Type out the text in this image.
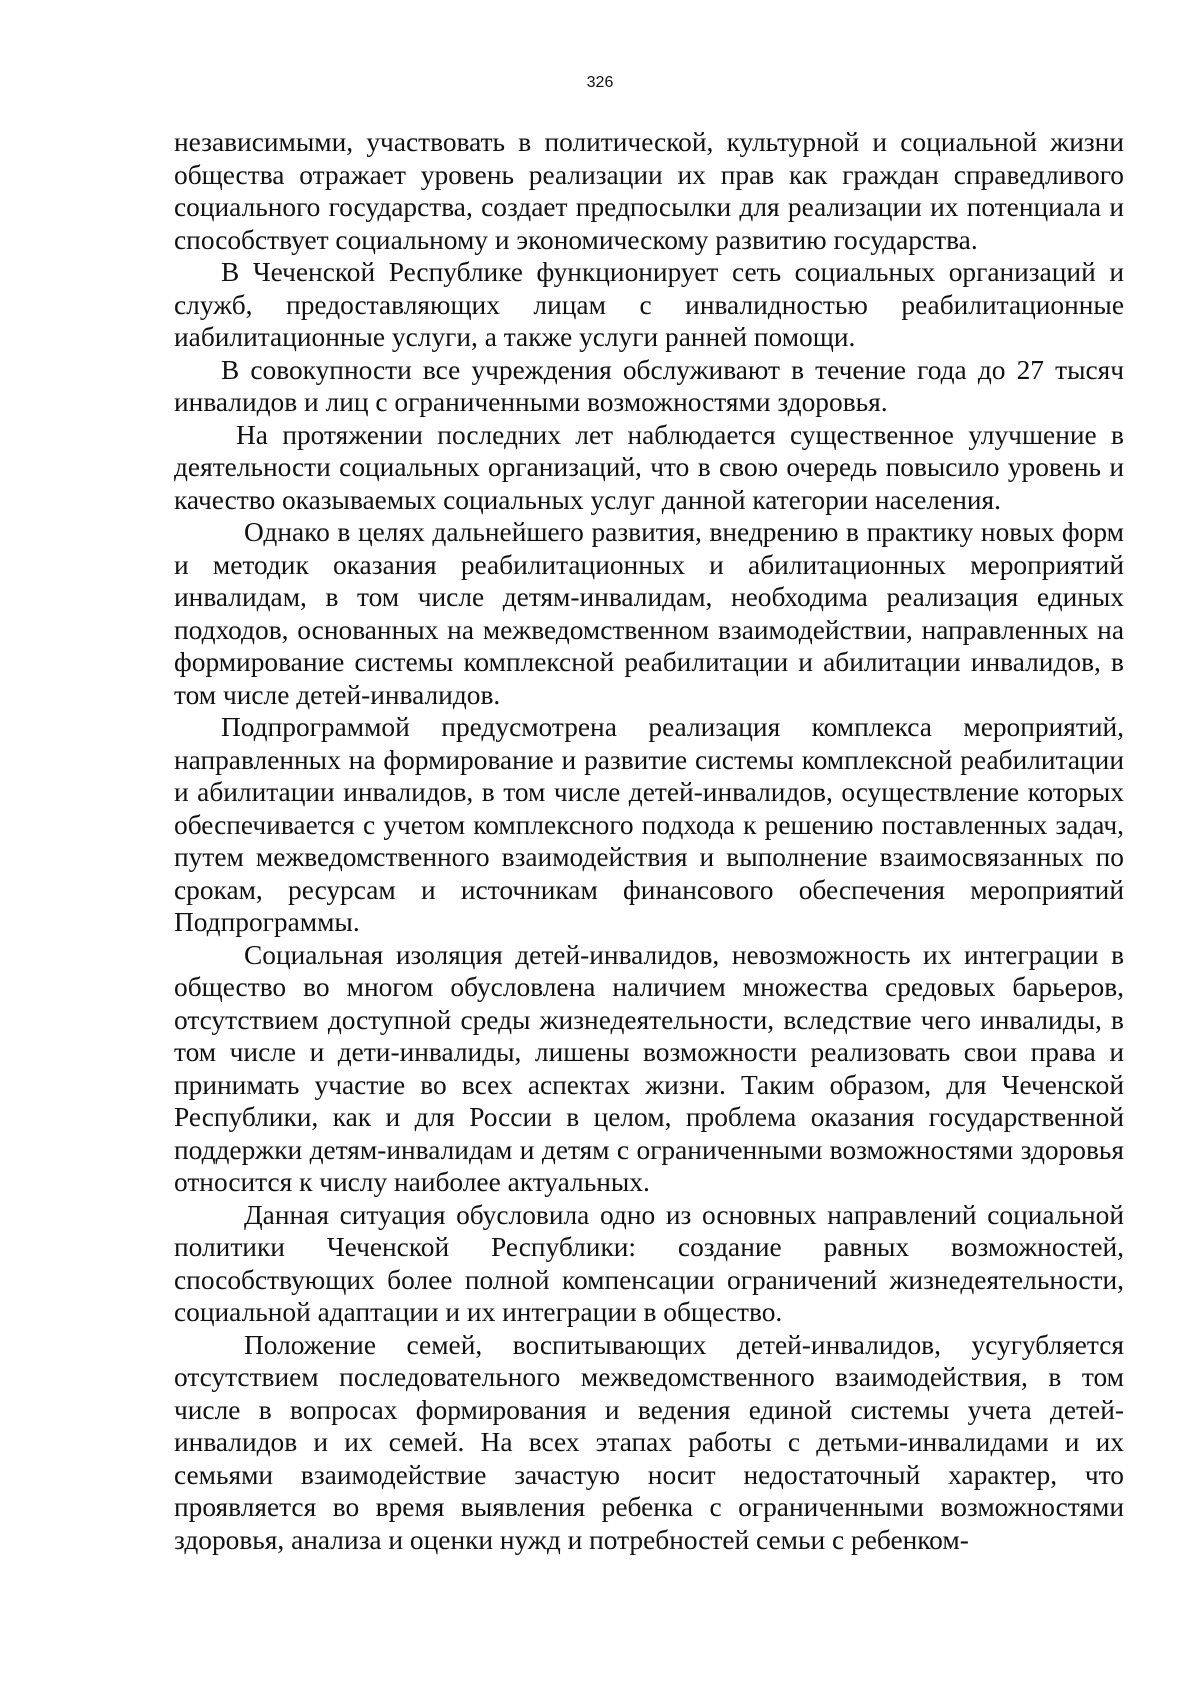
326

независимыми, участвовать в политической, культурной и социальной жизни общества отражает уровень реализации их прав как граждан справедливого социального государства, создает предпосылки для реализации их потенциала и способствует социальному и экономическому развитию государства.

В Чеченской Республике функционирует сеть социальных организаций и служб, предоставляющих лицам с инвалидностью реабилитационные иабилитационные услуги, а также услуги ранней помощи.

В совокупности все учреждения обслуживают в течение года до 27 тысяч инвалидов и лиц с ограниченными возможностями здоровья.

На протяжении последних лет наблюдается существенное улучшение в деятельности социальных организаций, что в свою очередь повысило уровень и качество оказываемых социальных услуг данной категории населения.

Однако в целях дальнейшего развития, внедрению в практику новых форм и методик оказания реабилитационных и абилитационных мероприятий инвалидам, в том числе детям-инвалидам, необходима реализация единых подходов, основанных на межведомственном взаимодействии, направленных на формирование системы комплексной реабилитации и абилитации инвалидов, в том числе детей-инвалидов.

Подпрограммой предусмотрена реализация комплекса мероприятий, направленных на формирование и развитие системы комплексной реабилитации и абилитации инвалидов, в том числе детей-инвалидов, осуществление которых обеспечивается с учетом комплексного подхода к решению поставленных задач, путем межведомственного взаимодействия и выполнение взаимосвязанных по срокам, ресурсам и источникам финансового обеспечения мероприятий Подпрограммы.

Социальная изоляция детей-инвалидов, невозможность их интеграции в общество во многом обусловлена наличием множества средовых барьеров, отсутствием доступной среды жизнедеятельности, вследствие чего инвалиды, в том числе и дети-инвалиды, лишены возможности реализовать свои права и принимать участие во всех аспектах жизни. Таким образом, для Чеченской Республики, как и для России в целом, проблема оказания государственной поддержки детям-инвалидам и детям с ограниченными возможностями здоровья относится к числу наиболее актуальных.

Данная ситуация обусловила одно из основных направлений социальной политики Чеченской Республики: создание равных возможностей, способствующих более полной компенсации ограничений жизнедеятельности, социальной адаптации и их интеграции в общество.

Положение семей, воспитывающих детей-инвалидов, усугубляется отсутствием последовательного межведомственного взаимодействия, в том числе в вопросах формирования и ведения единой системы учета детей-инвалидов и их семей. На всех этапах работы с детьми-инвалидами и их семьями взаимодействие зачастую носит недостаточный характер, что проявляется во время выявления ребенка с ограниченными возможностями здоровья, анализа и оценки нужд и потребностей семьи с ребенком-
